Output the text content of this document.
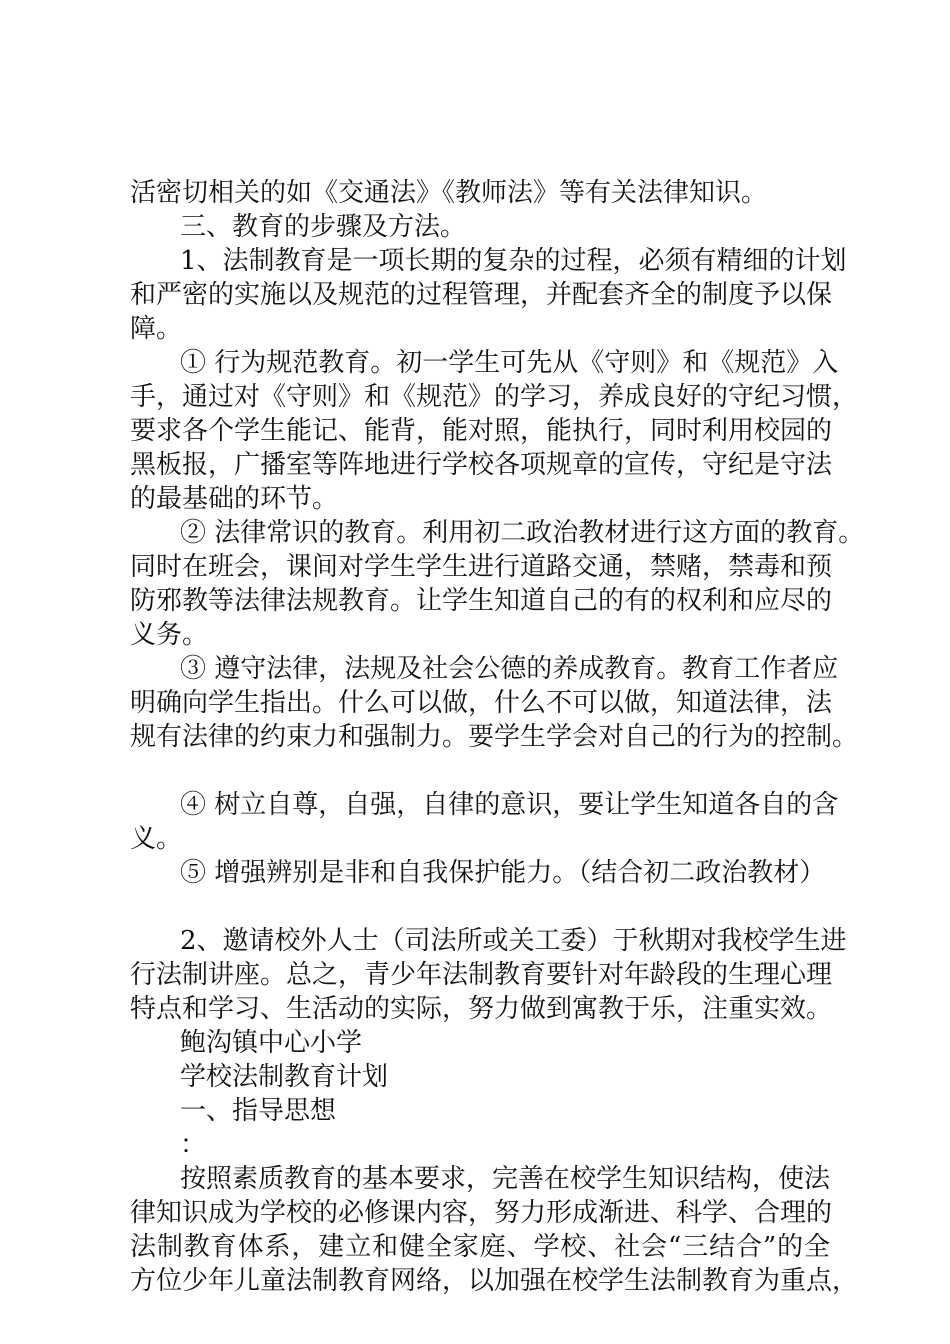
活密切相关的如《交通法》《教师法》等有关法律知识。
三、教育的步骤及方法。
1、法制教育是一项长期的复杂的过程，必须有精细的计划
和严密的实施以及规范的过程管理，并配套齐全的制度予以保
障。
① 行为规范教育。初一学生可先从《守则》和《规范》入
手，通过对《守则》和《规范》的学习，养成良好的守纪习惯，
要求各个学生能记、能背，能对照，能执行，同时利用校园的
黑板报，广播室等阵地进行学校各项规章的宣传，守纪是守法
的最基础的环节。
② 法律常识的教育。利用初二政治教材进行这方面的教育。
同时在班会，课间对学生学生进行道路交通，禁赌，禁毒和预
防邪教等法律法规教育。让学生知道自己的有的权利和应尽的
义务。
③ 遵守法律，法规及社会公德的养成教育。教育工作者应
明确向学生指出。什么可以做，什么不可以做，知道法律，法
规有法律的约束力和强制力。要学生学会对自己的行为的控制。
④ 树立自尊，自强，自律的意识，要让学生知道各自的含
义。
⑤ 增强辨别是非和自我保护能力。（结合初二政治教材）
2、邀请校外人士（司法所或关工委）于秋期对我校学生进
行法制讲座。总之，青少年法制教育要针对年龄段的生理心理
特点和学习、生活动的实际，努力做到寓教于乐，注重实效。
鲍沟镇中心小学
学校法制教育计划
一、指导思想
：
按照素质教育的基本要求，完善在校学生知识结构，使法
律知识成为学校的必修课内容，努力形成渐进、科学、合理的
法制教育体系，建立和健全家庭、学校、社会“三结合”的全
方位少年儿童法制教育网络，以加强在校学生法制教育为重点，
